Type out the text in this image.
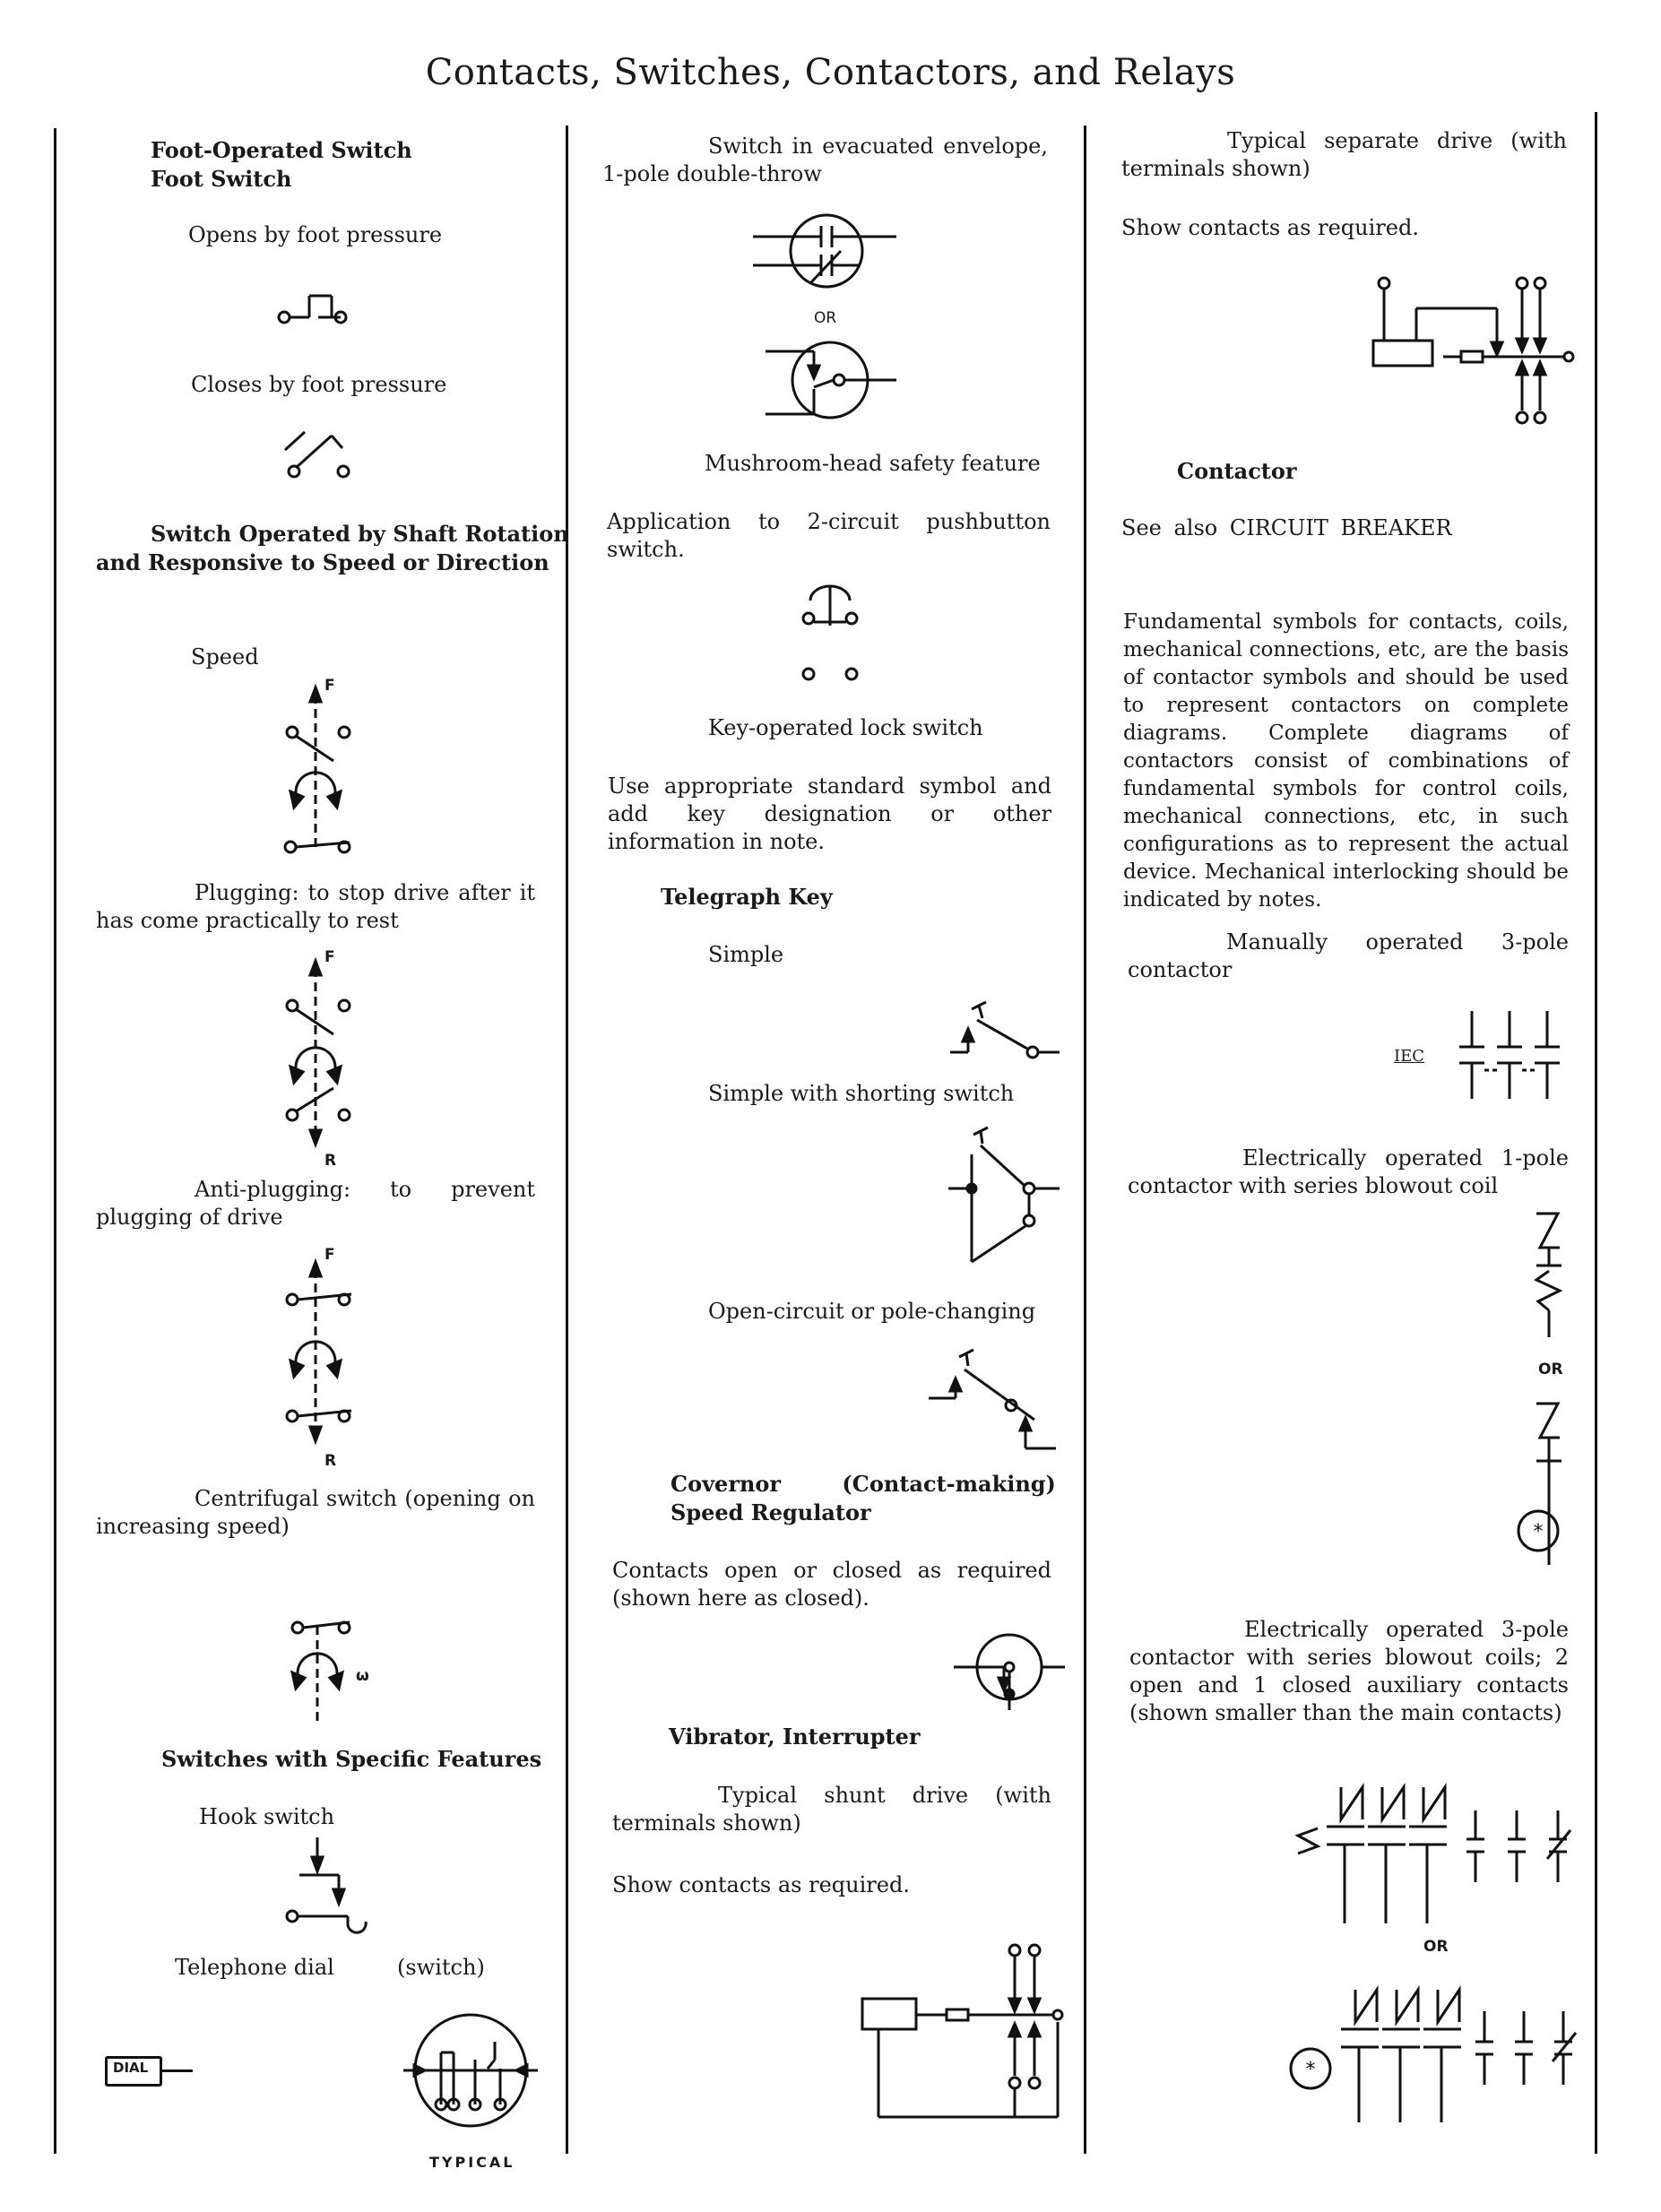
Contacts, Switches, Contactors, and Relays
Foot-Operated Switch
Foot Switch
Opens by foot pressure
Closes by foot pressure
Switch Operated by Shaft Rotation
and Responsive to Speed or Direction
Speed
F
Plugging: to stop drive after it has come practically to rest
F
R
Anti-plugging: to prevent plugging of drive
F
R
Centrifugal switch (opening on increasing speed)
ω
Switches with Specific Features
Hook switch
Telephone dial	(switch)
DIAL
TYPICAL
Switch in evacuated envelope, 1-pole double-throw
OR
Mushroom-head safety feature
Application to 2-circuit pushbutton switch.
Key-operated lock switch
Use appropriate standard symbol and add key designation or other information in note.
Telegraph Key
Simple
Simple with shorting switch
Open-circuit or pole-changing
Covernor (Contact-making)
Speed Regulator
Contacts open or closed as required (shown here as closed).
Vibrator, Interrupter
Typical shunt drive (with terminals shown)
Show contacts as required.
Typical separate drive (with terminals shown)
Show contacts as required.
Contactor
See also CIRCUIT BREAKER
Fundamental symbols for contacts, coils, mechanical connections, etc, are the basis of contactor symbols and should be used to represent contactors on complete diagrams. Complete diagrams of contactors consist of combinations of fundamental symbols for control coils, mechanical connections, etc, in such configurations as to represent the actual device. Mechanical interlocking should be indicated by notes.
Manually operated 3-pole contactor
IEC
Electrically operated 1-pole contactor with series blowout coil
OR
*
Electrically operated 3-pole contactor with series blowout coils; 2 open and 1 closed auxiliary contacts (shown smaller than the main contacts)
OR
*
